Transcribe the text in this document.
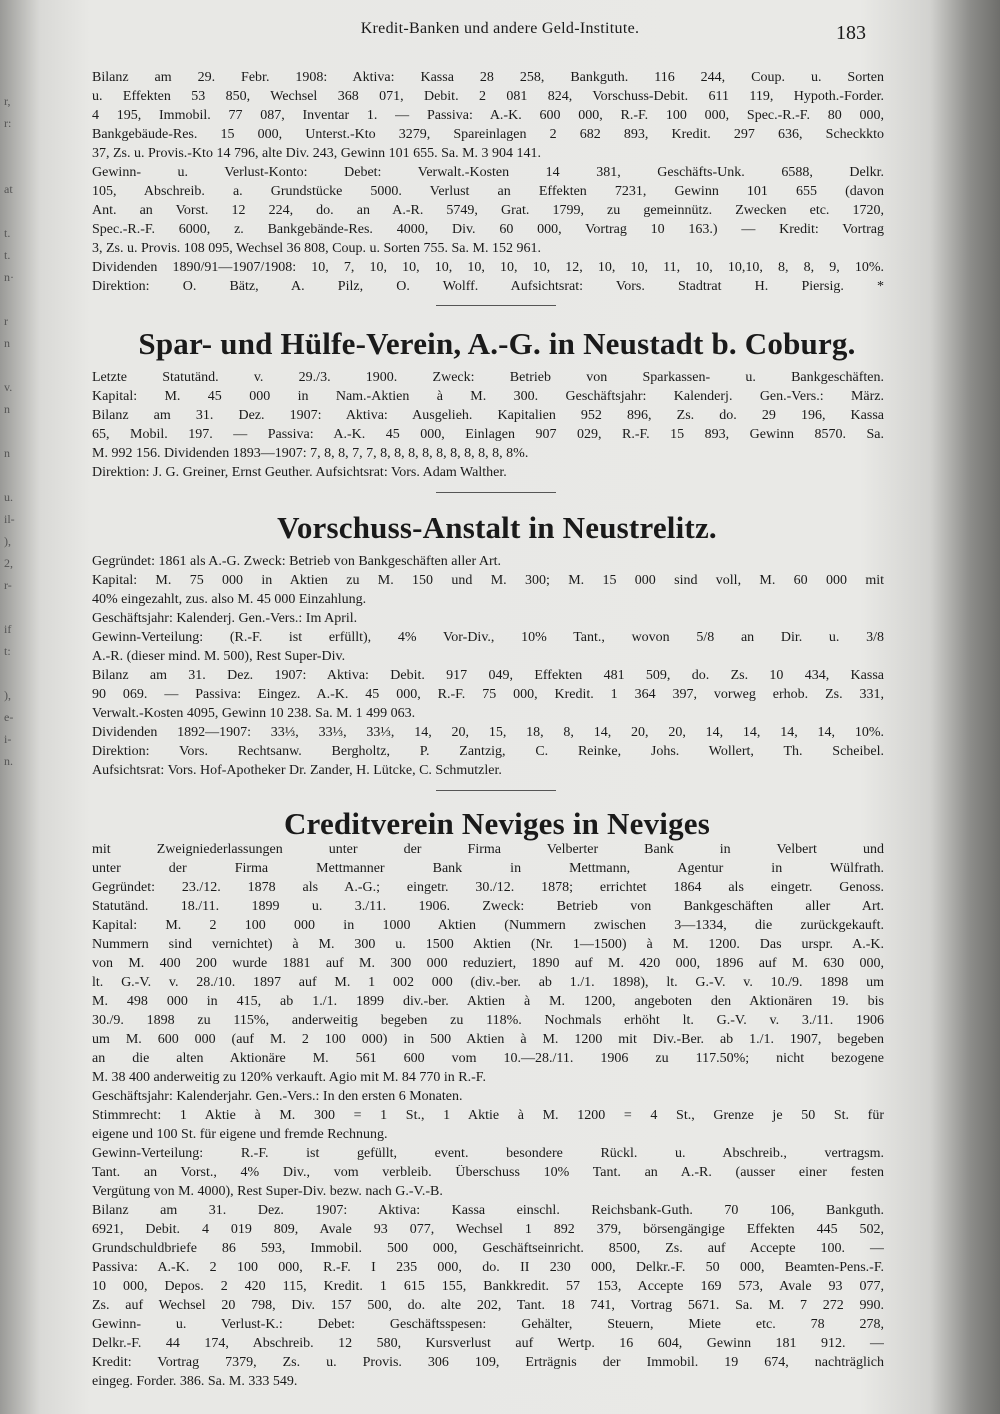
r,
r:

at

t.
t.
n·

r
n

v.
n

n

u.
il-
),
2,
r-

if
t:

),
e-
i-
n.
Kredit-Banken und andere Geld-Institute.	183
Bilanz am 29. Febr. 1908: Aktiva: Kassa 28 258, Bankguth. 116 244, Coup. u. Sorten
u. Effekten 53 850, Wechsel 368 071, Debit. 2 081 824, Vorschuss-Debit. 611 119, Hypoth.-Forder.
4 195, Immobil. 77 087, Inventar 1. — Passiva: A.-K. 600 000, R.-F. 100 000, Spec.-R.-F. 80 000,
Bankgebäude-Res. 15 000, Unterst.-Kto 3279, Spareinlagen 2 682 893, Kredit. 297 636, Scheckkto
37, Zs. u. Provis.-Kto 14 796, alte Div. 243, Gewinn 101 655. Sa. M. 3 904 141.
Gewinn- u. Verlust-Konto: Debet: Verwalt.-Kosten 14 381, Geschäfts-Unk. 6588, Delkr.
105, Abschreib. a. Grundstücke 5000. Verlust an Effekten 7231, Gewinn 101 655 (davon
Ant. an Vorst. 12 224, do. an A.-R. 5749, Grat. 1799, zu gemeinnütz. Zwecken etc. 1720,
Spec.-R.-F. 6000, z. Bankgebände-Res. 4000, Div. 60 000, Vortrag 10 163.) — Kredit: Vortrag
3, Zs. u. Provis. 108 095, Wechsel 36 808, Coup. u. Sorten 755. Sa. M. 152 961.
Dividenden 1890/91—1907/1908: 10, 7, 10, 10, 10, 10, 10, 10, 12, 10, 10, 11, 10, 10,10, 8, 8, 9, 10%.
Direktion: O. Bätz, A. Pilz, O. Wolff. Aufsichtsrat: Vors. Stadtrat H. Piersig. *
Spar- und Hülfe-Verein, A.-G. in Neustadt b. Coburg.
Letzte Statutänd. v. 29./3. 1900. Zweck: Betrieb von Sparkassen- u. Bankgeschäften.
Kapital: M. 45 000 in Nam.-Aktien à M. 300. Geschäftsjahr: Kalenderj. Gen.-Vers.: März.
Bilanz am 31. Dez. 1907: Aktiva: Ausgelieh. Kapitalien 952 896, Zs. do. 29 196, Kassa
65, Mobil. 197. — Passiva: A.-K. 45 000, Einlagen 907 029, R.-F. 15 893, Gewinn 8570. Sa.
M. 992 156. Dividenden 1893—1907: 7, 8, 8, 7, 7, 8, 8, 8, 8, 8, 8, 8, 8, 8, 8%.
Direktion: J. G. Greiner, Ernst Geuther. Aufsichtsrat: Vors. Adam Walther.
Vorschuss-Anstalt in Neustrelitz.
Gegründet: 1861 als A.-G. Zweck: Betrieb von Bankgeschäften aller Art.
Kapital: M. 75 000 in Aktien zu M. 150 und M. 300; M. 15 000 sind voll, M. 60 000 mit
40% eingezahlt, zus. also M. 45 000 Einzahlung.
Geschäftsjahr: Kalenderj. Gen.-Vers.: Im April.
Gewinn-Verteilung: (R.-F. ist erfüllt), 4% Vor-Div., 10% Tant., wovon 5/8 an Dir. u. 3/8
A.-R. (dieser mind. M. 500), Rest Super-Div.
Bilanz am 31. Dez. 1907: Aktiva: Debit. 917 049, Effekten 481 509, do. Zs. 10 434, Kassa
90 069. — Passiva: Eingez. A.-K. 45 000, R.-F. 75 000, Kredit. 1 364 397, vorweg erhob. Zs. 331,
Verwalt.-Kosten 4095, Gewinn 10 238. Sa. M. 1 499 063.
Dividenden 1892—1907: 33⅓, 33⅓, 33⅓, 14, 20, 15, 18, 8, 14, 20, 20, 14, 14, 14, 14, 10%.
Direktion: Vors. Rechtsanw. Bergholtz, P. Zantzig, C. Reinke, Johs. Wollert, Th. Scheibel.
Aufsichtsrat: Vors. Hof-Apotheker Dr. Zander, H. Lütcke, C. Schmutzler.
Creditverein Neviges in Neviges
mit Zweigniederlassungen unter der Firma Velberter Bank in Velbert und
unter der Firma Mettmanner Bank in Mettmann, Agentur in Wülfrath.
Gegründet: 23./12. 1878 als A.-G.; eingetr. 30./12. 1878; errichtet 1864 als eingetr. Genoss.
Statutänd. 18./11. 1899 u. 3./11. 1906. Zweck: Betrieb von Bankgeschäften aller Art.
Kapital: M. 2 100 000 in 1000 Aktien (Nummern zwischen 3—1334, die zurückgekauft.
Nummern sind vernichtet) à M. 300 u. 1500 Aktien (Nr. 1—1500) à M. 1200. Das urspr. A.-K.
von M. 400 200 wurde 1881 auf M. 300 000 reduziert, 1890 auf M. 420 000, 1896 auf M. 630 000,
lt. G.-V. v. 28./10. 1897 auf M. 1 002 000 (div.-ber. ab 1./1. 1898), lt. G.-V. v. 10./9. 1898 um
M. 498 000 in 415, ab 1./1. 1899 div.-ber. Aktien à M. 1200, angeboten den Aktionären 19. bis
30./9. 1898 zu 115%, anderweitig begeben zu 118%. Nochmals erhöht lt. G.-V. v. 3./11. 1906
um M. 600 000 (auf M. 2 100 000) in 500 Aktien à M. 1200 mit Div.-Ber. ab 1./1. 1907, begeben
an die alten Aktionäre M. 561 600 vom 10.—28./11. 1906 zu 117.50%; nicht bezogene
M. 38 400 anderweitig zu 120% verkauft. Agio mit M. 84 770 in R.-F.
Geschäftsjahr: Kalenderjahr. Gen.-Vers.: In den ersten 6 Monaten.
Stimmrecht: 1 Aktie à M. 300 = 1 St., 1 Aktie à M. 1200 = 4 St., Grenze je 50 St. für
eigene und 100 St. für eigene und fremde Rechnung.
Gewinn-Verteilung: R.-F. ist gefüllt, event. besondere Rückl. u. Abschreib., vertragsm.
Tant. an Vorst., 4% Div., vom verbleib. Überschuss 10% Tant. an A.-R. (ausser einer festen
Vergütung von M. 4000), Rest Super-Div. bezw. nach G.-V.-B.
Bilanz am 31. Dez. 1907: Aktiva: Kassa einschl. Reichsbank-Guth. 70 106, Bankguth.
6921, Debit. 4 019 809, Avale 93 077, Wechsel 1 892 379, börsengängige Effekten 445 502,
Grundschuldbriefe 86 593, Immobil. 500 000, Geschäftseinricht. 8500, Zs. auf Accepte 100. —
Passiva: A.-K. 2 100 000, R.-F. I 235 000, do. II 230 000, Delkr.-F. 50 000, Beamten-Pens.-F.
10 000, Depos. 2 420 115, Kredit. 1 615 155, Bankkredit. 57 153, Accepte 169 573, Avale 93 077,
Zs. auf Wechsel 20 798, Div. 157 500, do. alte 202, Tant. 18 741, Vortrag 5671. Sa. M. 7 272 990.
Gewinn- u. Verlust-K.: Debet: Geschäftsspesen: Gehälter, Steuern, Miete etc. 78 278,
Delkr.-F. 44 174, Abschreib. 12 580, Kursverlust auf Wertp. 16 604, Gewinn 181 912. —
Kredit: Vortrag 7379, Zs. u. Provis. 306 109, Erträgnis der Immobil. 19 674, nachträglich
eingeg. Forder. 386. Sa. M. 333 549.
